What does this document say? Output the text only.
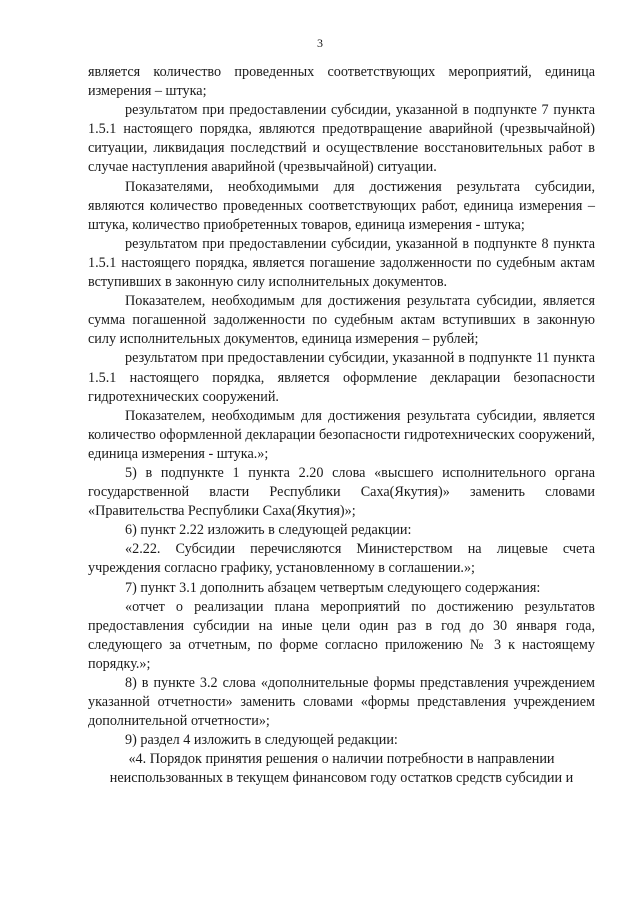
3

является количество проведенных соответствующих мероприятий, единица измерения – штука;

результатом при предоставлении субсидии, указанной в подпункте 7 пункта 1.5.1 настоящего порядка, являются предотвращение аварийной (чрезвычайной) ситуации, ликвидация последствий и осуществление восстановительных работ в случае наступления аварийной (чрезвычайной) ситуации.

Показателями, необходимыми для достижения результата субсидии, являются количество проведенных соответствующих работ, единица измерения – штука, количество приобретенных товаров, единица измерения - штука;

результатом при предоставлении субсидии, указанной в подпункте 8 пункта 1.5.1 настоящего порядка, является погашение задолженности по судебным актам вступивших в законную силу исполнительных документов.

Показателем, необходимым для достижения результата субсидии, является сумма погашенной задолженности по судебным актам вступивших в законную силу исполнительных документов, единица измерения – рублей;

результатом при предоставлении субсидии, указанной в подпункте 11 пункта 1.5.1 настоящего порядка, является оформление декларации безопасности гидротехнических сооружений.

Показателем, необходимым для достижения результата субсидии, является количество оформленной декларации безопасности гидротехнических сооружений, единица измерения - штука.»;

5) в подпункте 1 пункта 2.20 слова «высшего исполнительного органа государственной власти Республики Саха(Якутия)» заменить словами «Правительства Республики Саха(Якутия)»;

6) пункт 2.22 изложить в следующей редакции:

«2.22. Субсидии перечисляются Министерством на лицевые счета учреждения согласно графику, установленному в соглашении.»;

7) пункт 3.1 дополнить абзацем четвертым следующего содержания:

«отчет о реализации плана мероприятий по достижению результатов предоставления субсидии на иные цели один раз в год до 30 января года, следующего за отчетным, по форме согласно приложению № 3 к настоящему порядку.»;

8) в пункте 3.2 слова «дополнительные формы представления учреждением указанной отчетности» заменить словами «формы представления учреждением дополнительной отчетности»;

9) раздел 4 изложить в следующей редакции:

«4. Порядок принятия решения о наличии потребности в направлении неиспользованных в текущем финансовом году остатков средств субсидии и
